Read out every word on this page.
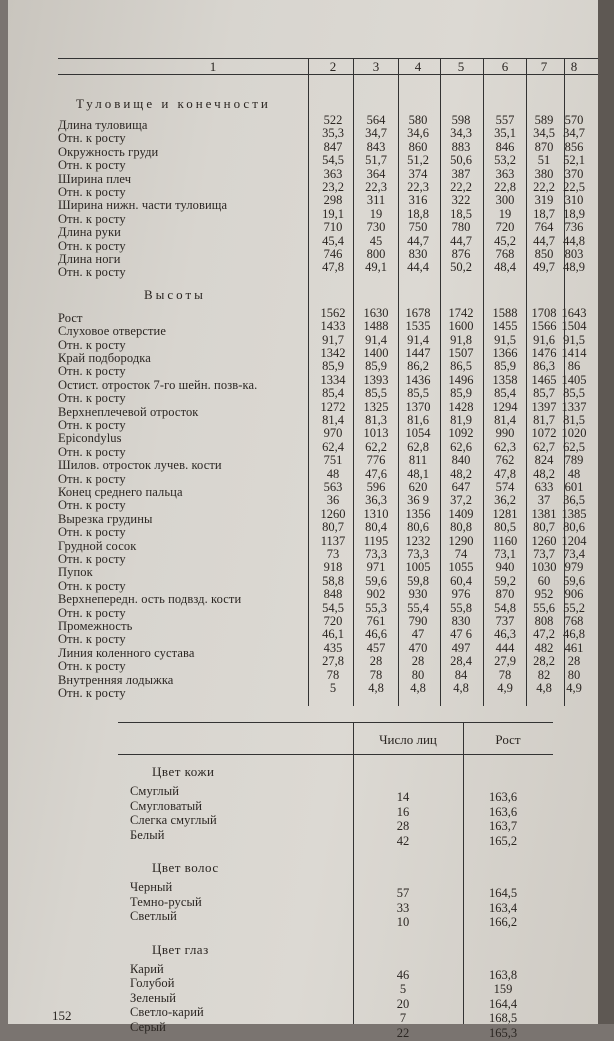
1	2	3	4	5	6	7	8
Туловище и конечности
Длина туловища	522	564	580	598	557	589 570
Отн. к росту	35,3	34,7	34,6	34,3	35,1	34,5 34,7
Окружность груди	847	843	860	883	846	870 856
Отн. к росту	54,5	51,7	51,2	50,6	53,2	51	52,1
Ширина плеч	363	364	374	387	363	380 370
Отн. к росту	23,2	22,3	22,3	22,2	22,8	22,2 22,5
Ширина нижн. части туловища	298	311	316	322	300	319 310
Отн. к росту	19,1	19	18,8	18,5	19	18,7 18,9
Длина руки	710	730	750	780	720	764 736
Отн. к росту	45,4	45	44,7	44,7	45,2	44,7 44,8
Длина ноги	746	800	830	876	768	850 803
Отн. к росту	47,8	49,1	44,4	50,2	48,4	49,7 48,9
Высоты
Рост	1562	1630	1678	1742	1588	1708 1643
Слуховое отверстие	1433	1488	1535	1600	1455	1566 1504
Отн. к росту	91,7	91,4	91,4	91,8	91,5	91,6 91,5
Край подбородка	1342	1400	1447	1507	1366	1476 1414
Отн. к росту	85,9	85,9	86,2	86,5	85,9	86,3	86
Остист. отросток 7-го шейн. позв-ка.	1334	1393	1436	1496	1358	1465 1405
Отн. к росту	85,4	85,5	85,5	85,9	85,4	85,7 85,5
Верхнеплечевой отросток	1272	1325	1370	1428	1294	1397 1337
Отн. к росту	81,4	81,3	81,6	81,9	81,4	81,7 81,5
Epicondylus	970	1013	1054	1092	990	1072 1020
Отн. к росту	62,4	62,2	62,8	62,6	62,3	62,7 62,5
Шилов. отросток лучев. кости	751	776	811	840	762	824 789
Отн. к росту	48	47,6	48,1	48,2	47,8	48,2	48
Конец среднего пальца	563	596	620	647	574	633 601
Отн. к росту	36	36,3	36 9	37,2	36,2	37	36,5
Вырезка грудины	1260	1310	1356	1409	1281	1381 1385
Отн. к росту	80,7	80,4	80,6	80,8	80,5	80,7 80,6
Грудной сосок	1137	1195	1232	1290	1160	1260 1204
Отн. к росту	73	73,3	73,3	74	73,1	73,7 73,4
Пупок	918	971	1005	1055	940	1030 979
Отн. к росту	58,8	59,6	59,8	60,4	59,2	60	59,6
Верхнепередн. ость подвзд. кости	848	902	930	976	870	952 906
Отн. к росту	54,5	55,3	55,4	55,8	54,8	55,6 55,2
Промежность	720	761	790	830	737	808 768
Отн. к росту	46,1	46,6	47	47 6	46,3	47,2 46,8
Линия коленного сустава	435	457	470	497	444	482 461
Отн. к росту	27,8	28	28	28,4	27,9	28,2	28
Внутренняя лодыжка	78	78	80	84	78	82	80
Отн. к росту	5	4,8	4,8	4,8	4,9	4,8	4,9
Число лиц	Рост
Цвет кожи
Смуглый	14	163,6
Смугловатый	16	163,6
Слегка смуглый	28	163,7
Белый	42	165,2
Цвет волос
Черный	57	164,5
Темно-русый	33	163,4
Светлый	10	166,2
Цвет глаз
Карий	46	163,8
Голубой	5	159
Зеленый	20	164,4
Светло-карий	7	168,5
Серый	22	165,3
152
